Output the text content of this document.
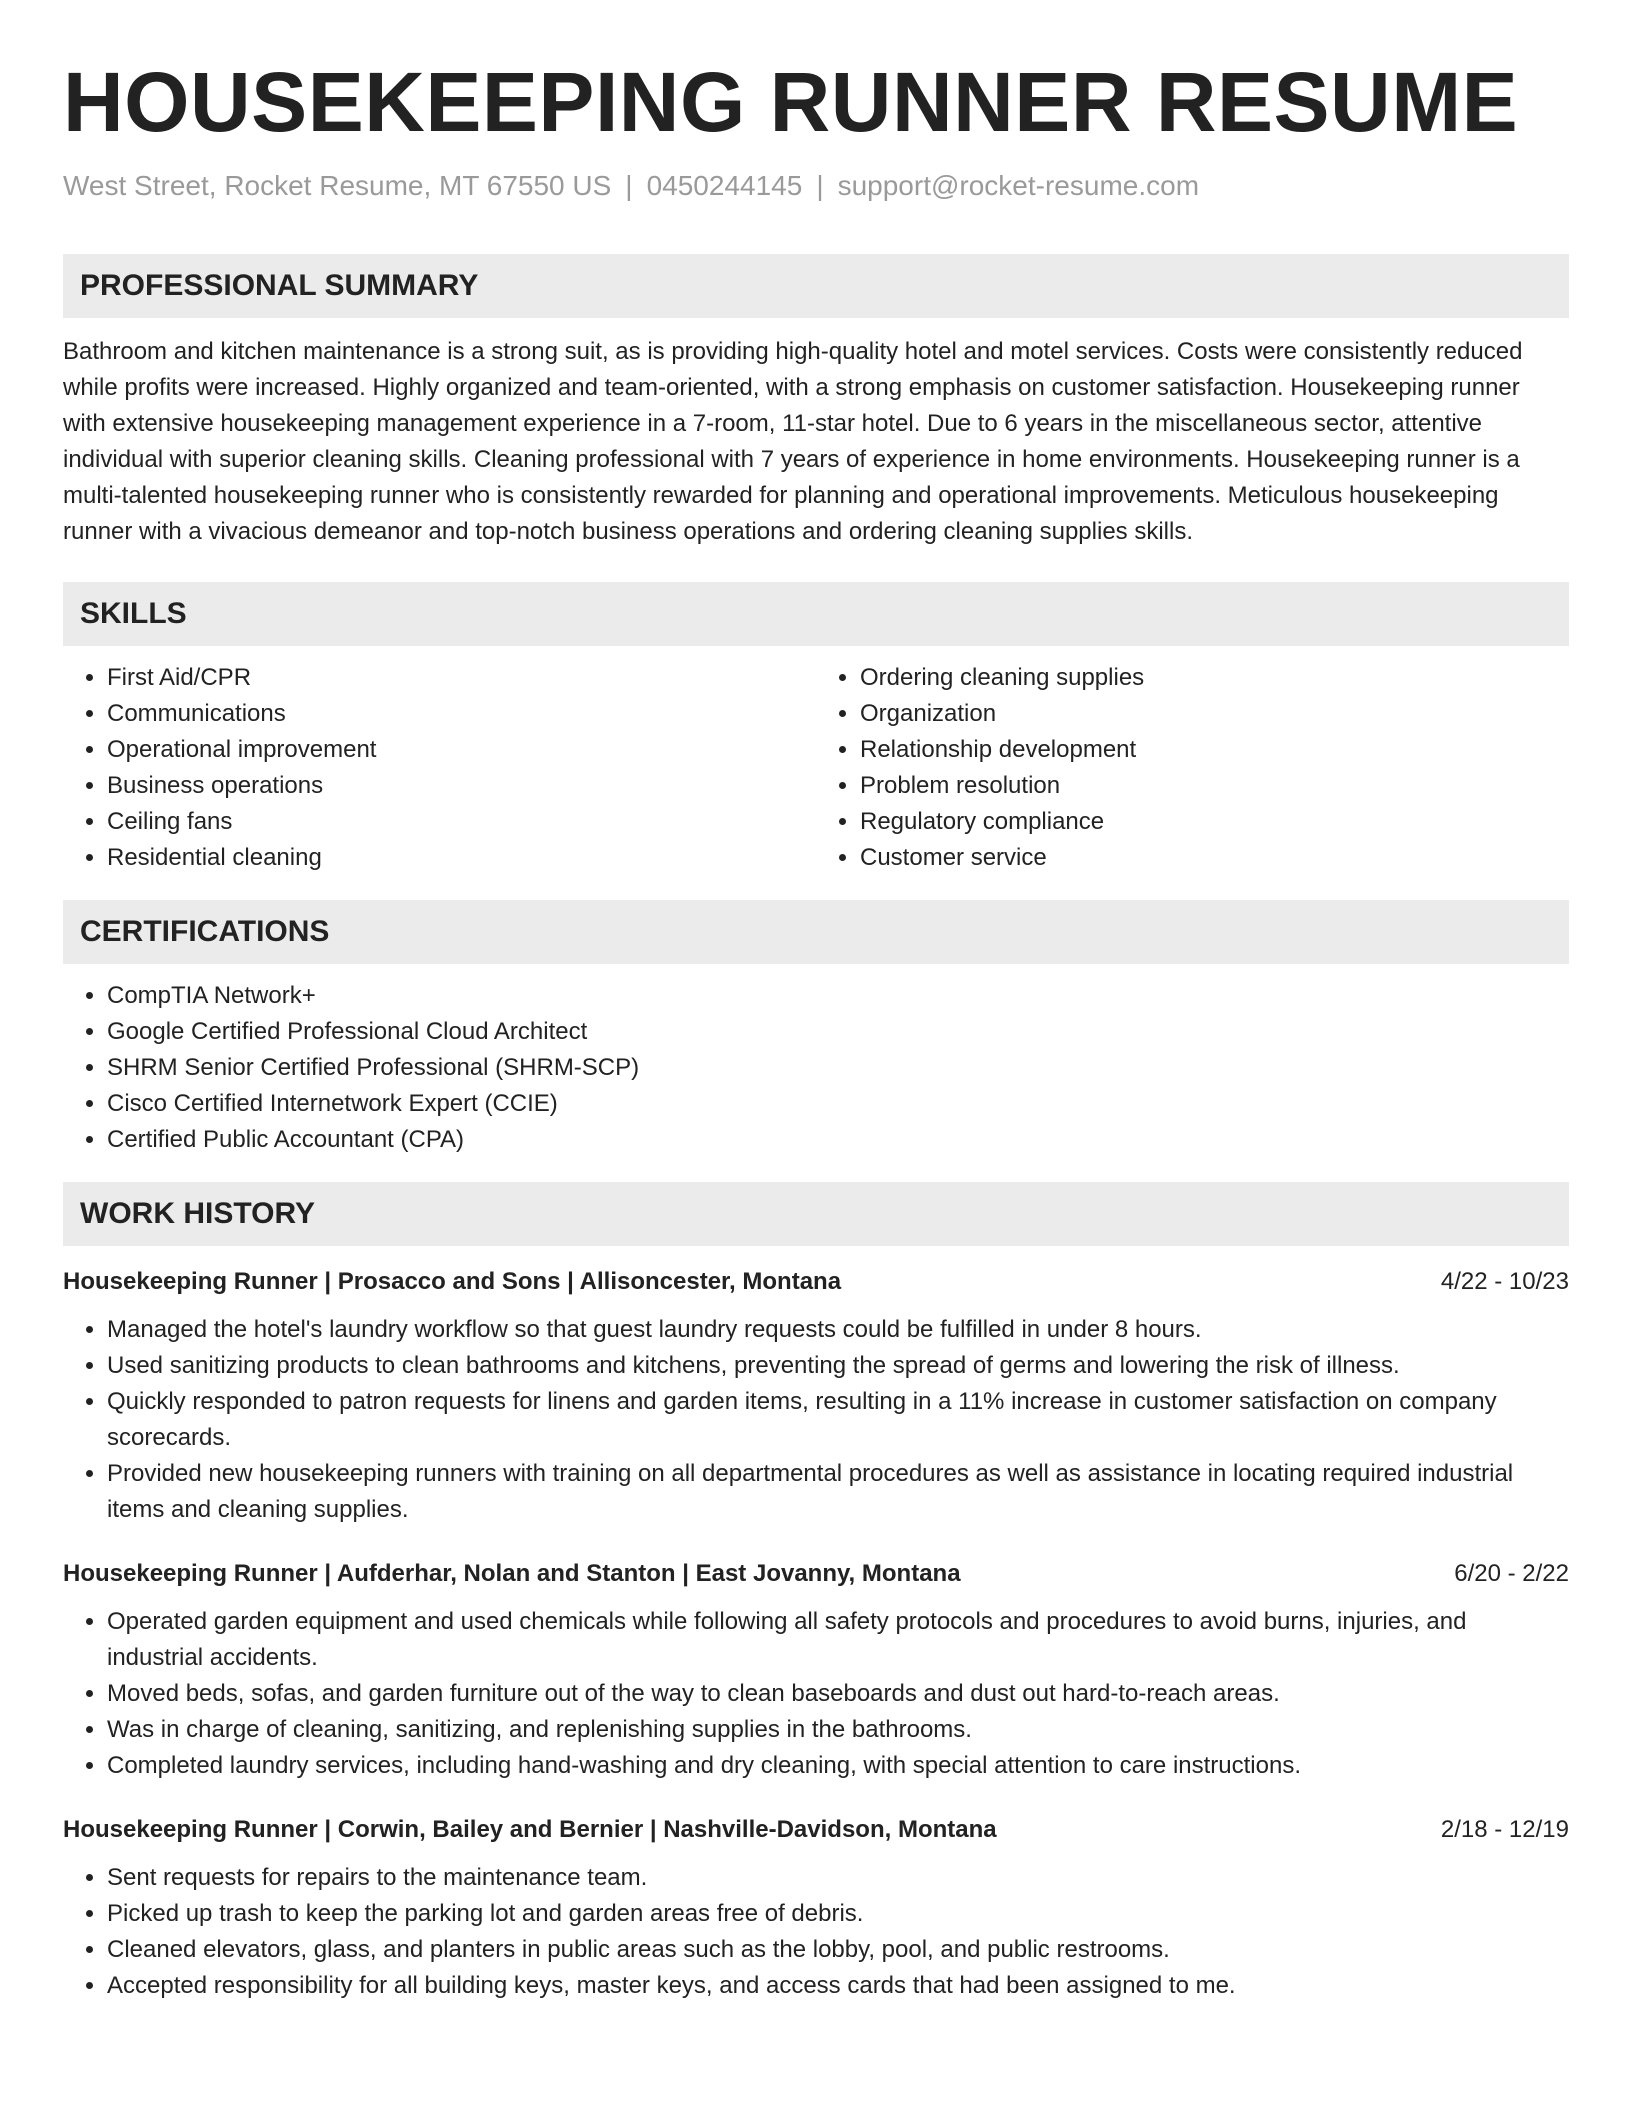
HOUSEKEEPING RUNNER RESUME
West Street, Rocket Resume, MT 67550 US | 0450244145 | support@rocket-resume.com
PROFESSIONAL SUMMARY
Bathroom and kitchen maintenance is a strong suit, as is providing high-quality hotel and motel services. Costs were consistently reduced while profits were increased. Highly organized and team-oriented, with a strong emphasis on customer satisfaction. Housekeeping runner with extensive housekeeping management experience in a 7-room, 11-star hotel. Due to 6 years in the miscellaneous sector, attentive individual with superior cleaning skills. Cleaning professional with 7 years of experience in home environments. Housekeeping runner is a multi-talented housekeeping runner who is consistently rewarded for planning and operational improvements. Meticulous housekeeping runner with a vivacious demeanor and top-notch business operations and ordering cleaning supplies skills.
SKILLS
• First Aid/CPR
• Communications
• Operational improvement
• Business operations
• Ceiling fans
• Residential cleaning
• Ordering cleaning supplies
• Organization
• Relationship development
• Problem resolution
• Regulatory compliance
• Customer service
CERTIFICATIONS
• CompTIA Network+
• Google Certified Professional Cloud Architect
• SHRM Senior Certified Professional (SHRM-SCP)
• Cisco Certified Internetwork Expert (CCIE)
• Certified Public Accountant (CPA)
WORK HISTORY
Housekeeping Runner | Prosacco and Sons | Allisoncester, Montana	4/22 - 10/23
• Managed the hotel's laundry workflow so that guest laundry requests could be fulfilled in under 8 hours.
• Used sanitizing products to clean bathrooms and kitchens, preventing the spread of germs and lowering the risk of illness.
• Quickly responded to patron requests for linens and garden items, resulting in a 11% increase in customer satisfaction on company scorecards.
• Provided new housekeeping runners with training on all departmental procedures as well as assistance in locating required industrial items and cleaning supplies.
Housekeeping Runner | Aufderhar, Nolan and Stanton | East Jovanny, Montana	6/20 - 2/22
• Operated garden equipment and used chemicals while following all safety protocols and procedures to avoid burns, injuries, and industrial accidents.
• Moved beds, sofas, and garden furniture out of the way to clean baseboards and dust out hard-to-reach areas.
• Was in charge of cleaning, sanitizing, and replenishing supplies in the bathrooms.
• Completed laundry services, including hand-washing and dry cleaning, with special attention to care instructions.
Housekeeping Runner | Corwin, Bailey and Bernier | Nashville-Davidson, Montana	2/18 - 12/19
• Sent requests for repairs to the maintenance team.
• Picked up trash to keep the parking lot and garden areas free of debris.
• Cleaned elevators, glass, and planters in public areas such as the lobby, pool, and public restrooms.
• Accepted responsibility for all building keys, master keys, and access cards that had been assigned to me.
